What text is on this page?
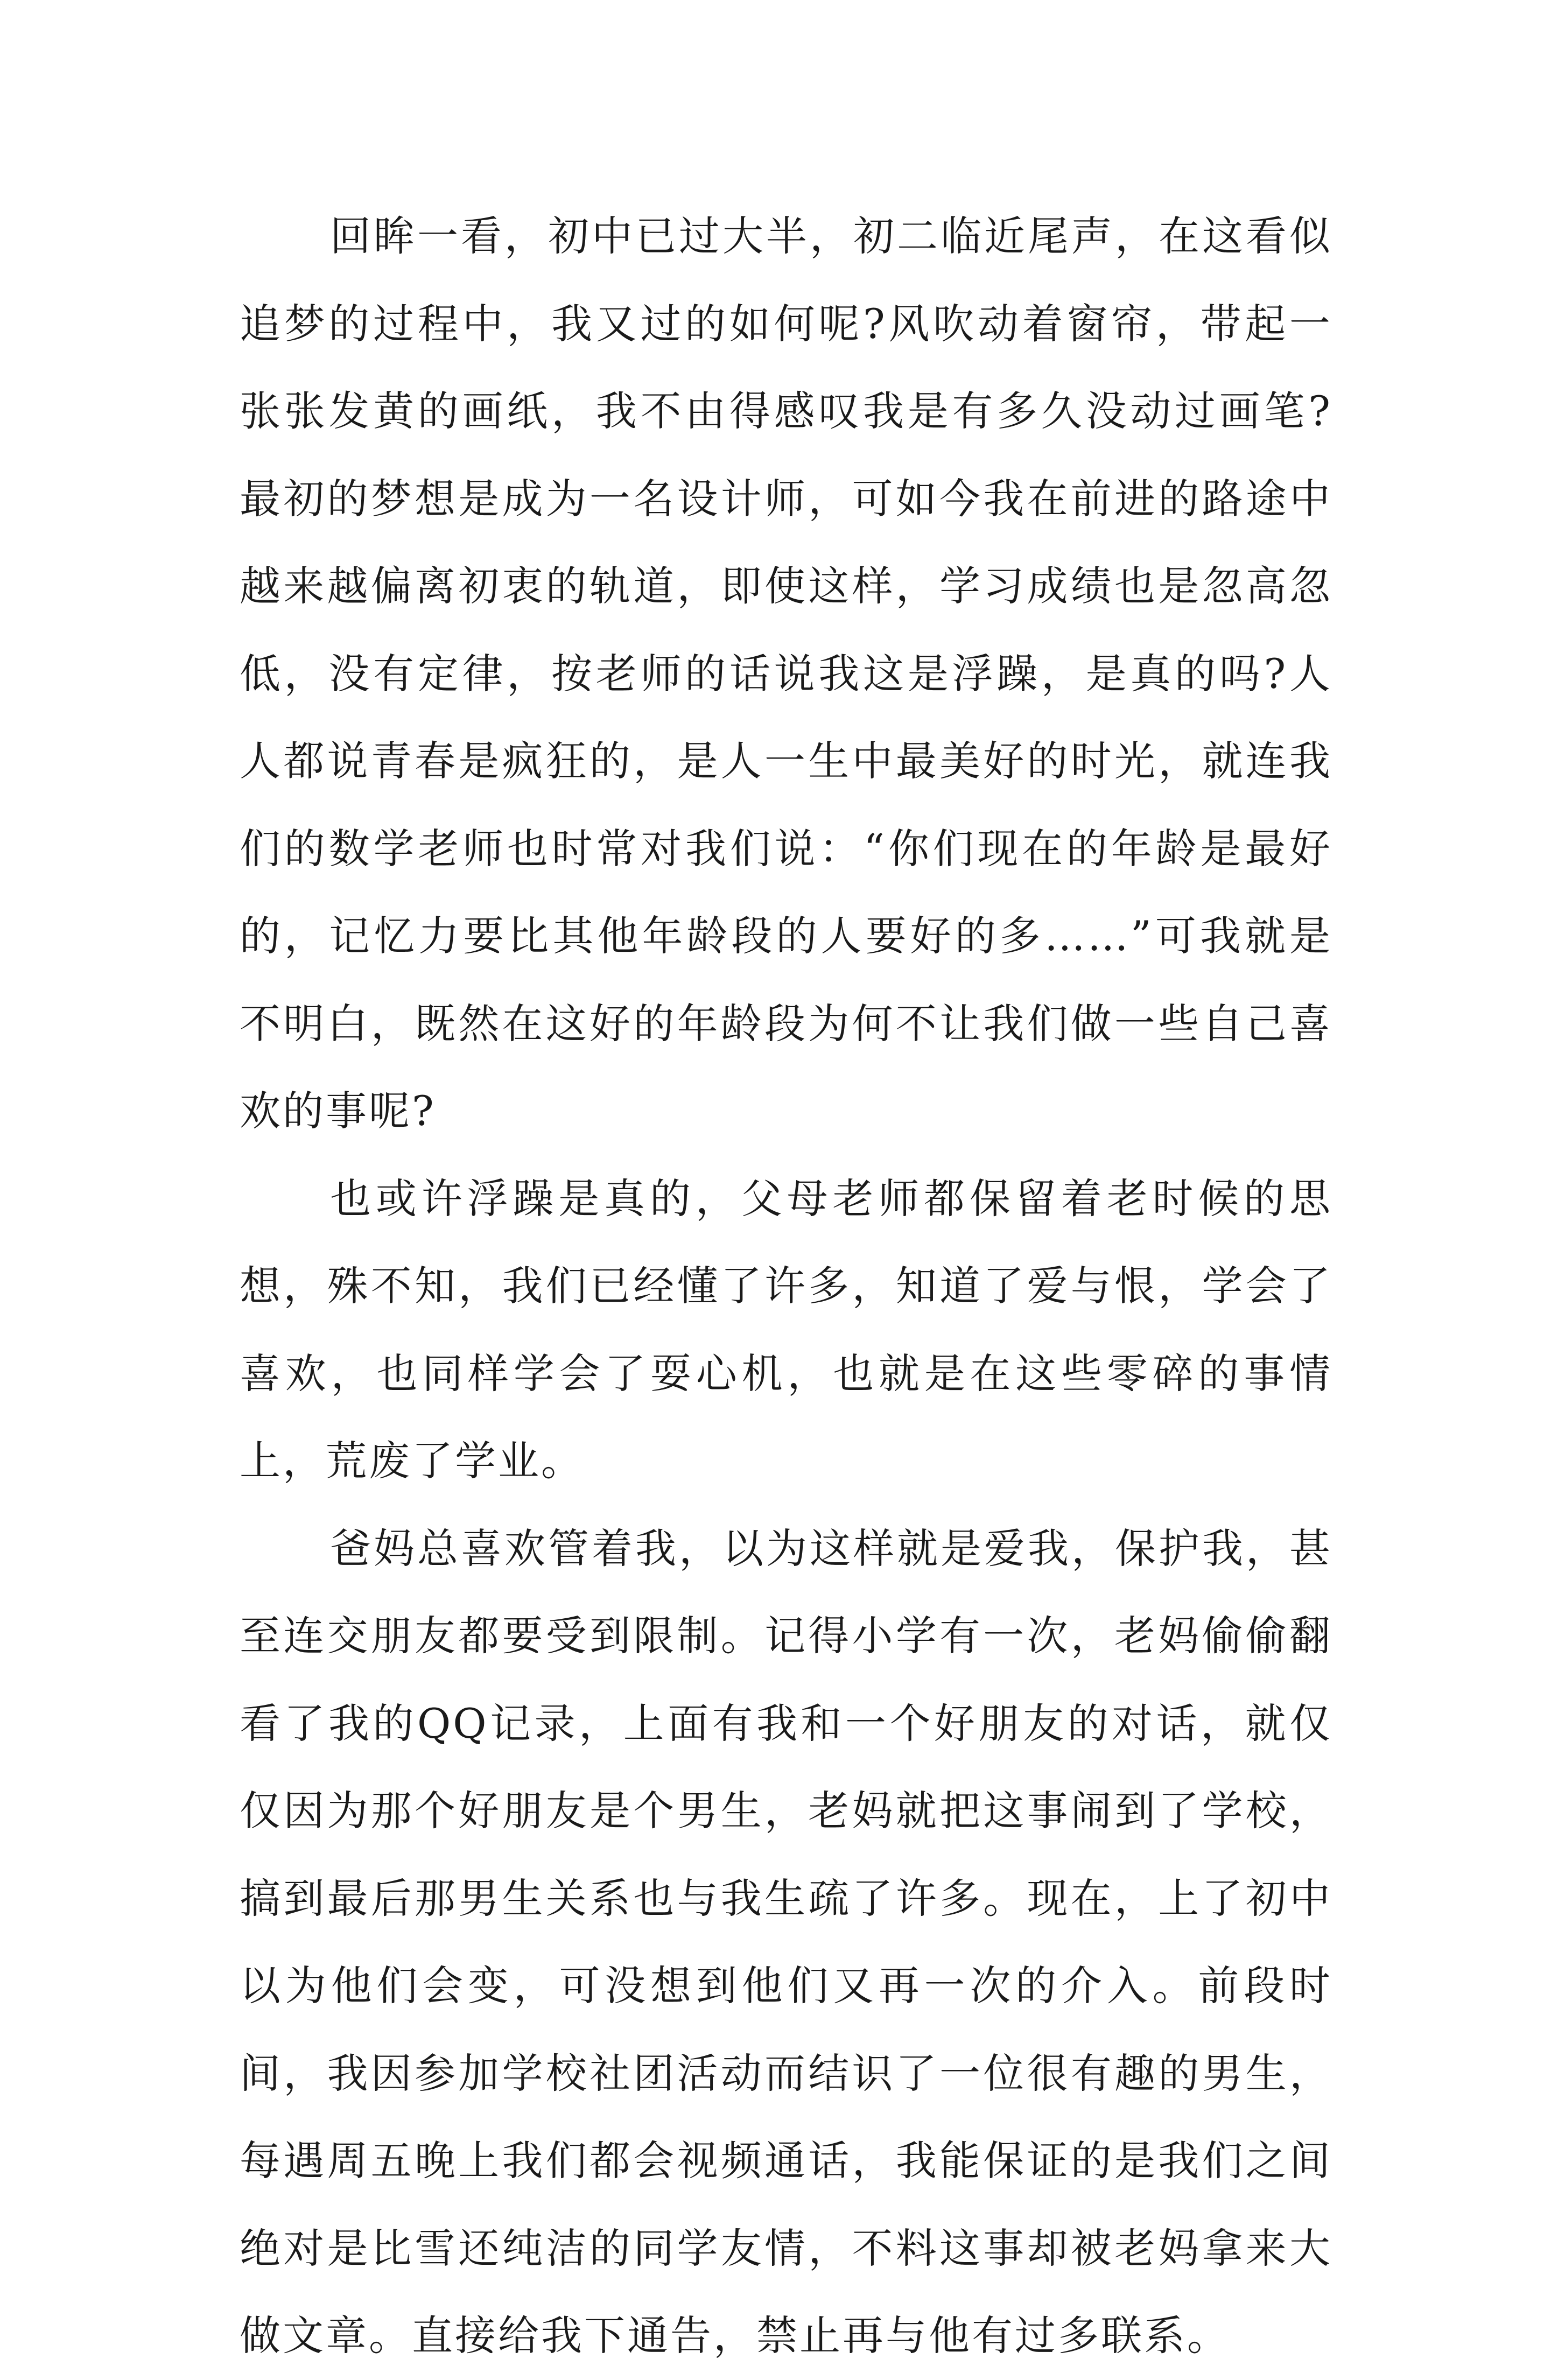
回眸一看，初中已过大半，初二临近尾声，在这看似追梦的过程中，我又过的如何呢?风吹动着窗帘，带起一张张发黄的画纸，我不由得感叹我是有多久没动过画笔?最初的梦想是成为一名设计师，可如今我在前进的路途中越来越偏离初衷的轨道，即使这样，学习成绩也是忽高忽低，没有定律，按老师的话说我这是浮躁，是真的吗?人人都说青春是疯狂的，是人一生中最美好的时光，就连我们的数学老师也时常对我们说：“你们现在的年龄是最好的，记忆力要比其他年龄段的人要好的多……”可我就是不明白，既然在这好的年龄段为何不让我们做一些自己喜欢的事呢?

也或许浮躁是真的，父母老师都保留着老时候的思想，殊不知，我们已经懂了许多，知道了爱与恨，学会了喜欢，也同样学会了耍心机，也就是在这些零碎的事情上，荒废了学业。

爸妈总喜欢管着我，以为这样就是爱我，保护我，甚至连交朋友都要受到限制。记得小学有一次，老妈偷偷翻看了我的QQ记录，上面有我和一个好朋友的对话，就仅仅因为那个好朋友是个男生，老妈就把这事闹到了学校，搞到最后那男生关系也与我生疏了许多。现在，上了初中以为他们会变，可没想到他们又再一次的介入。前段时间，我因参加学校社团活动而结识了一位很有趣的男生，每遇周五晚上我们都会视频通话，我能保证的是我们之间绝对是比雪还纯洁的同学友情，不料这事却被老妈拿来大做文章。直接给我下通告，禁止再与他有过多联系。
